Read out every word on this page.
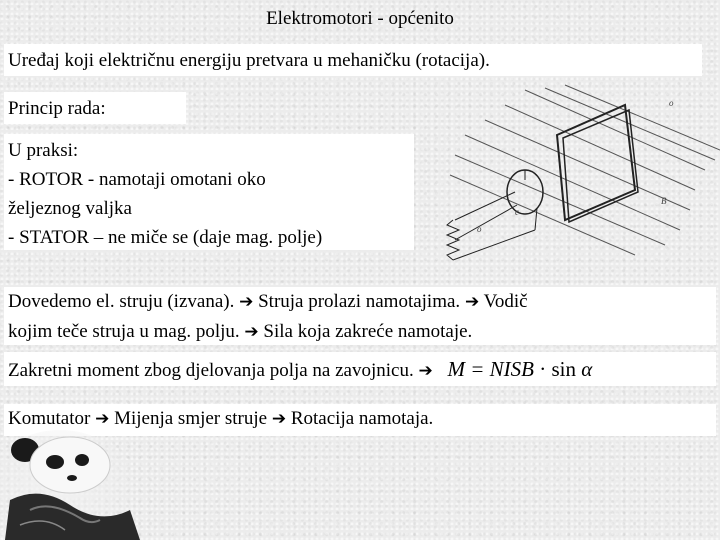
Elektromotori - općenito
Uređaj koji električnu energiju pretvara u mehaničku (rotacija).
Princip rada:
U praksi:
- ROTOR - namotaji omotani oko
željeznog valjka
- STATOR – ne miče se (daje mag. polje)
o
o
c
B
Dovedemo el. struju (izvana). ➔ Struja prolazi namotajima. ➔ Vodič
kojim teče struja u mag. polju. ➔ Sila koja zakreće namotaje.
Zakretni moment zbog djelovanja polja na zavojnicu. ➔ M = NISB · sin α
Komutator ➔ Mijenja smjer struje ➔ Rotacija namotaja.
